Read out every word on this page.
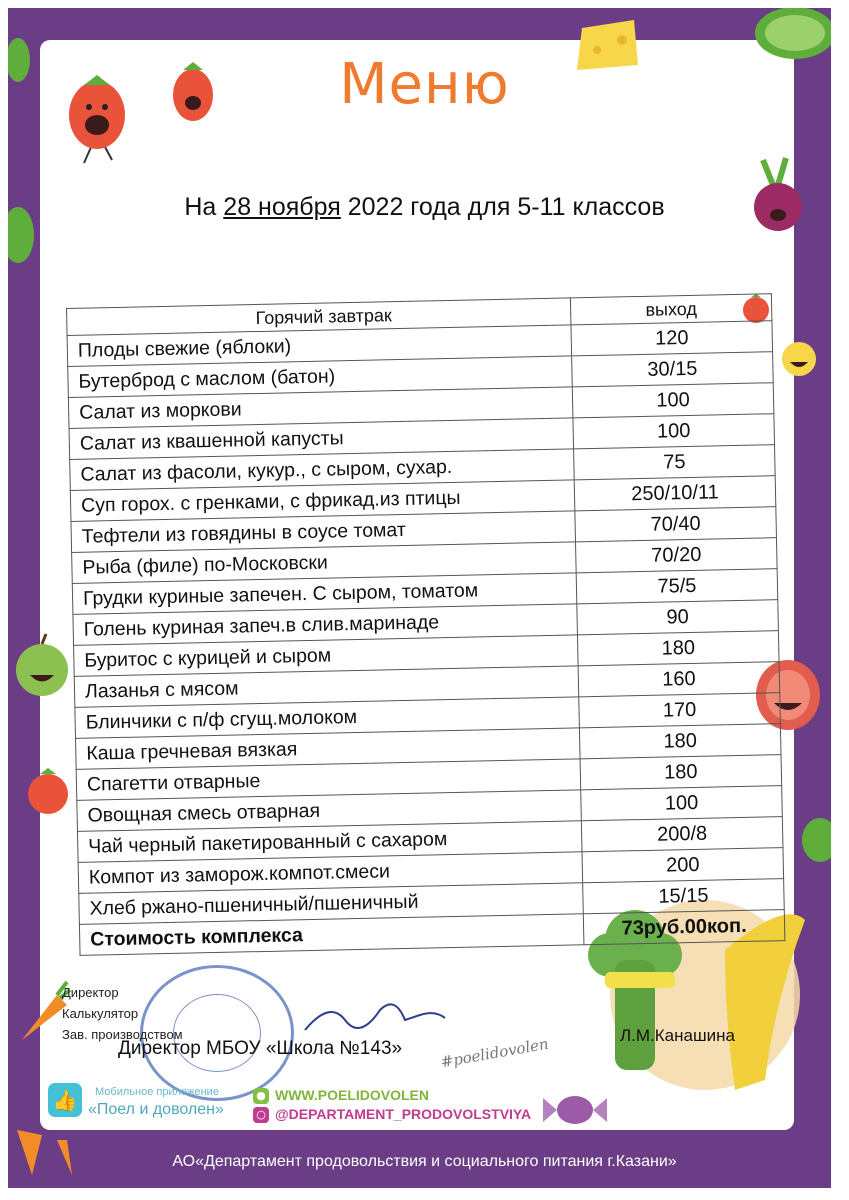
Меню
На 28 ноября 2022 года для 5-11 классов
Горячий завтрак	выход
Плоды свежие (яблоки)	120
Бутерброд с маслом (батон)	30/15
Салат из моркови	100
Салат из квашенной капусты	100
Салат из фасоли, кукур., с сыром, сухар.	75
Суп горох. с гренками, с фрикад.из птицы	250/10/11
Тефтели из говядины в соусе томат	70/40
Рыба (филе) по-Московски	70/20
Грудки куриные запечен. С сыром, томатом	75/5
Голень куриная запеч.в слив.маринаде	90
Буритос с курицей и сыром	180
Лазанья с мясом	160
Блинчики с п/ф сгущ.молоком	170
Каша гречневая вязкая	180
Спагетти отварные	180
Овощная смесь отварная	100
Чай черный пакетированный с сахаром	200/8
Компот из заморож.компот.смеси	200
Хлеб ржано-пшеничный/пшеничный	15/15
Стоимость комплекса	73руб.00коп.
Директор
Калькулятор
Зав. производством
Директор МБОУ «Школа №143» #poelidovolen	Л.М.Канашина
👍	Мобильное приложение
«Поел и доволен»
●
○
WWW.POELIDOVOLEN
@DEPARTAMENT_PRODOVOLSTVIYA
АО«Департамент продовольствия и социального питания г.Казани»
